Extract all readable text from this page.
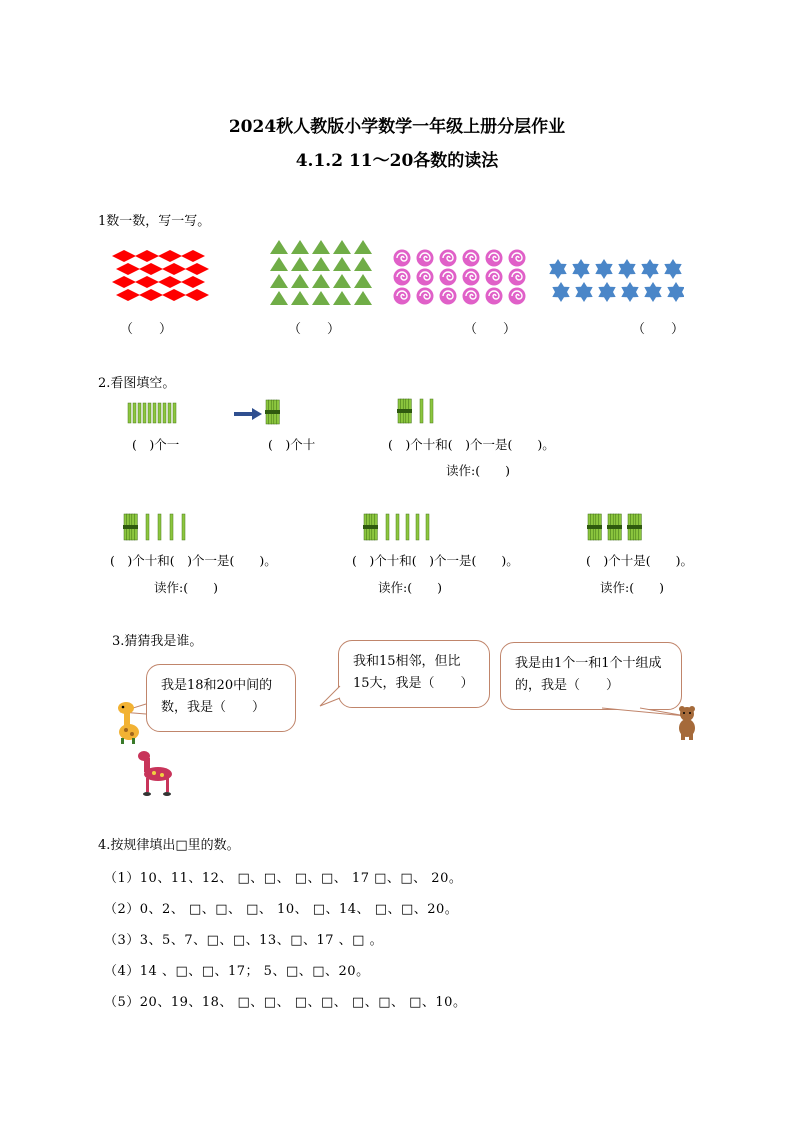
2024秋人教版小学数学一年级上册分层作业
4.1.2 11～20各数的读法
1数一数，写一写。
（　　）	（　　）	（　　）	（　　）
2.看图填空。
(　)个一	(　)个十	(　)个十和(　)个一是(　　)。
读作:(　　)
(　)个十和(　)个一是(　　)。
读作:(　　)
(　)个十和(　)个一是(　　)。
读作:(　　)
(　)个十是(　　)。
读作:(　　)
3.猜猜我是谁。
我是18和20中间的数，我是（　　）
我和15相邻，但比15大，我是（　　）
我是由1个一和1个十组成的，我是（　　）
4.按规律填出□里的数。
（1）10、11、12、 □、□、 □、□、 17 □、□、 20。
（2）0、2、 □、□、 □、 10、 □、14、 □、□、20。
（3）3、5、7、□、□、13、□、17 、□ 。
（4）14 、□、□、17； 5、□、□、20。
（5）20、19、18、 □、□、 □、□、 □、□、 □、10。
